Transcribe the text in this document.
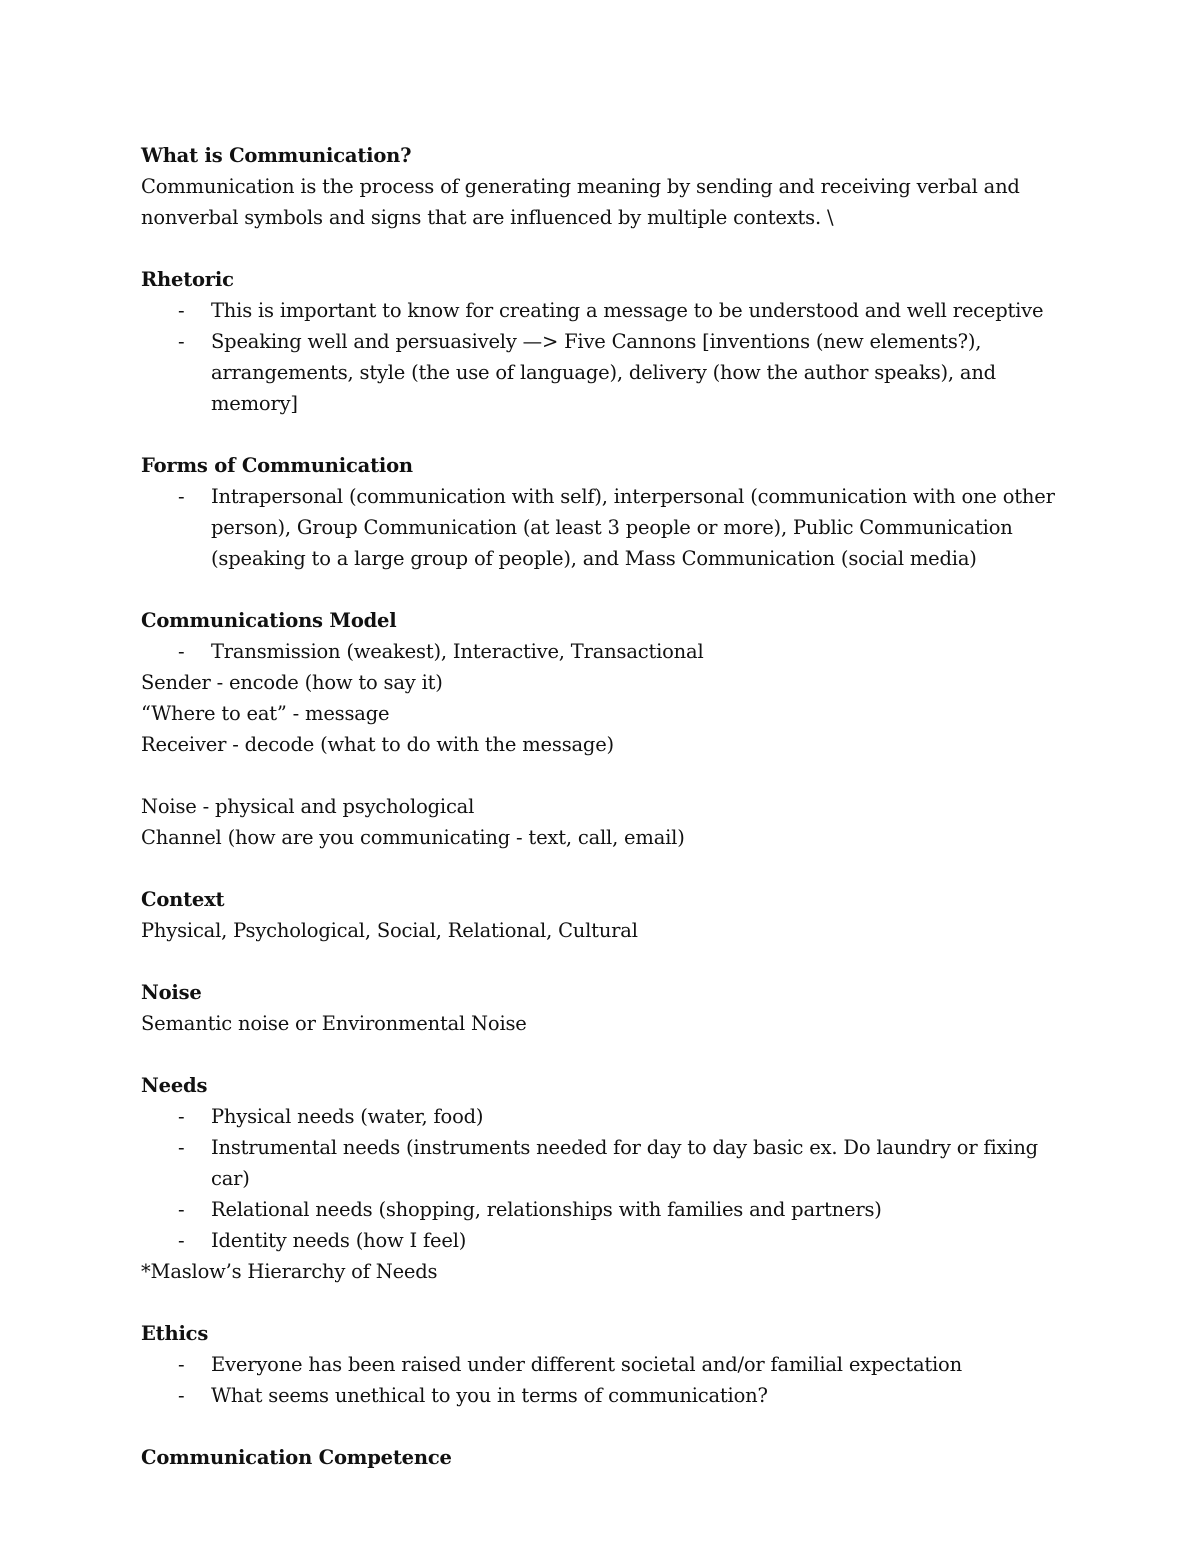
What is Communication?
Communication is the process of generating meaning by sending and receiving verbal and nonverbal symbols and signs that are influenced by multiple contexts. \
Rhetoric
- This is important to know for creating a message to be understood and well receptive
- Speaking well and persuasively —> Five Cannons [inventions (new elements?), arrangements, style (the use of language), delivery (how the author speaks), and memory]
Forms of Communication
- Intrapersonal (communication with self), interpersonal (communication with one other person), Group Communication (at least 3 people or more), Public Communication (speaking to a large group of people), and Mass Communication (social media)
Communications Model
- Transmission (weakest), Interactive, Transactional
Sender - encode (how to say it)
“Where to eat” - message
Receiver - decode (what to do with the message)
Noise - physical and psychological
Channel (how are you communicating - text, call, email)
Context
Physical, Psychological, Social, Relational, Cultural
Noise
Semantic noise or Environmental Noise
Needs
- Physical needs (water, food)
- Instrumental needs (instruments needed for day to day basic ex. Do laundry or fixing car)
- Relational needs (shopping, relationships with families and partners)
- Identity needs (how I feel)
*Maslow’s Hierarchy of Needs
Ethics
- Everyone has been raised under different societal and/or familial expectation
- What seems unethical to you in terms of communication?
Communication Competence
